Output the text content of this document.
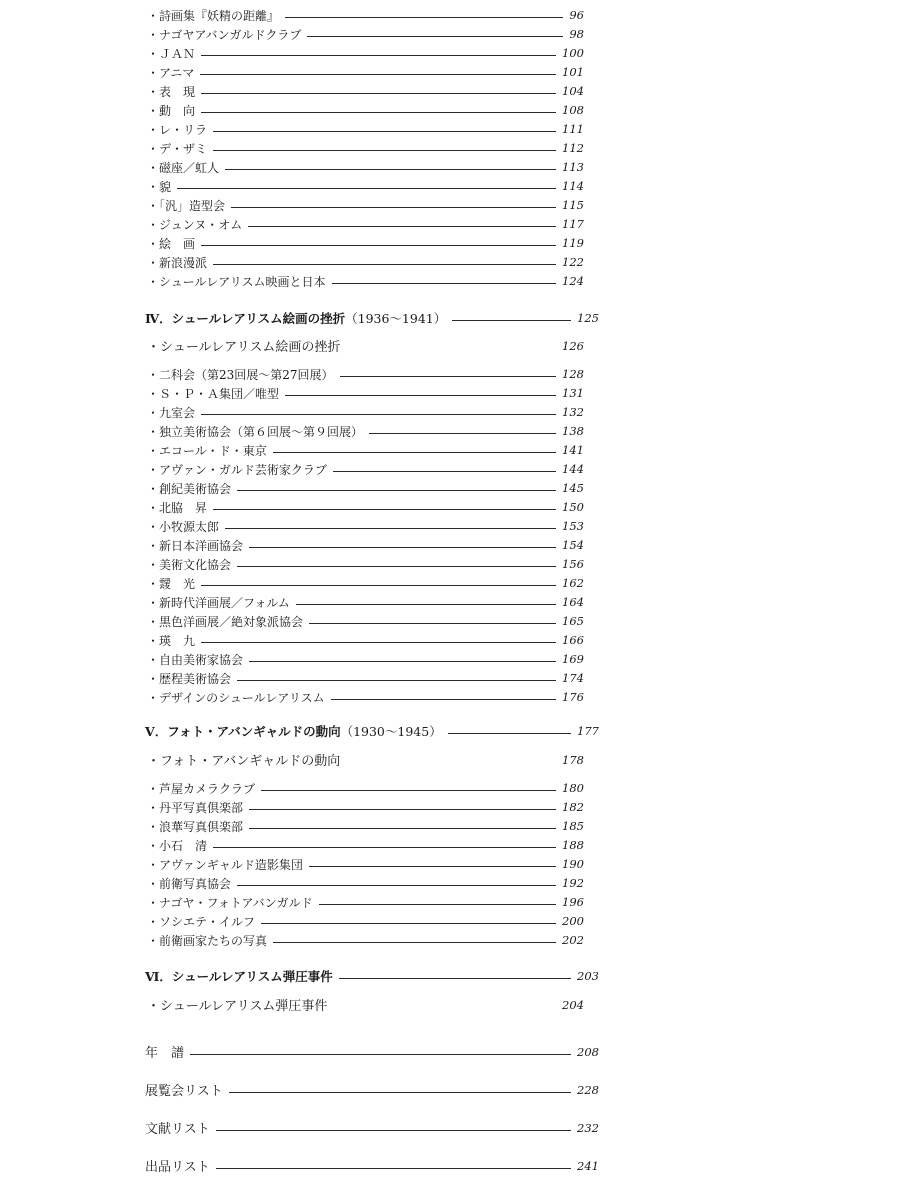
・詩画集『妖精の距離』	96
・ナゴヤアバンガルドクラブ	98
・ＪＡＮ	100
・アニマ	101
・表　現	104
・動　向	108
・レ・リラ	111
・デ・ザミ	112
・磁座／虹人	113
・貌	114
・「汎」造型会	115
・ジュンヌ・オム	117
・絵　画	119
・新浪漫派	122
・シュールレアリスム映画と日本	124
Ⅳ．シュールレアリスム絵画の挫折（1936～1941）	125
・シュールレアリスム絵画の挫折	126
・二科会（第23回展～第27回展）	128
・Ｓ・Ｐ・Ａ集団／唯型	131
・九室会	132
・独立美術協会（第６回展～第９回展）	138
・エコール・ド・東京	141
・アヴァン・ガルド芸術家クラブ	144
・創紀美術協会	145
・北脇　昇	150
・小牧源太郎	153
・新日本洋画協会	154
・美術文化協会	156
・靉　光	162
・新時代洋画展／フォルム	164
・黒色洋画展／絶対象派協会	165
・瑛　九	166
・自由美術家協会	169
・歴程美術協会	174
・デザインのシュールレアリスム	176
Ⅴ．フォト・アバンギャルドの動向（1930～1945）	177
・フォト・アバンギャルドの動向	178
・芦屋カメラクラブ	180
・丹平写真倶楽部	182
・浪華写真倶楽部	185
・小石　清	188
・アヴァンギャルド造影集団	190
・前衛写真協会	192
・ナゴヤ・フォトアバンガルド	196
・ソシエテ・イルフ	200
・前衛画家たちの写真	202
Ⅵ．シュールレアリスム弾圧事件	203
・シュールレアリスム弾圧事件	204
年　譜	208
展覧会リスト	228
文献リスト	232
出品リスト	241
